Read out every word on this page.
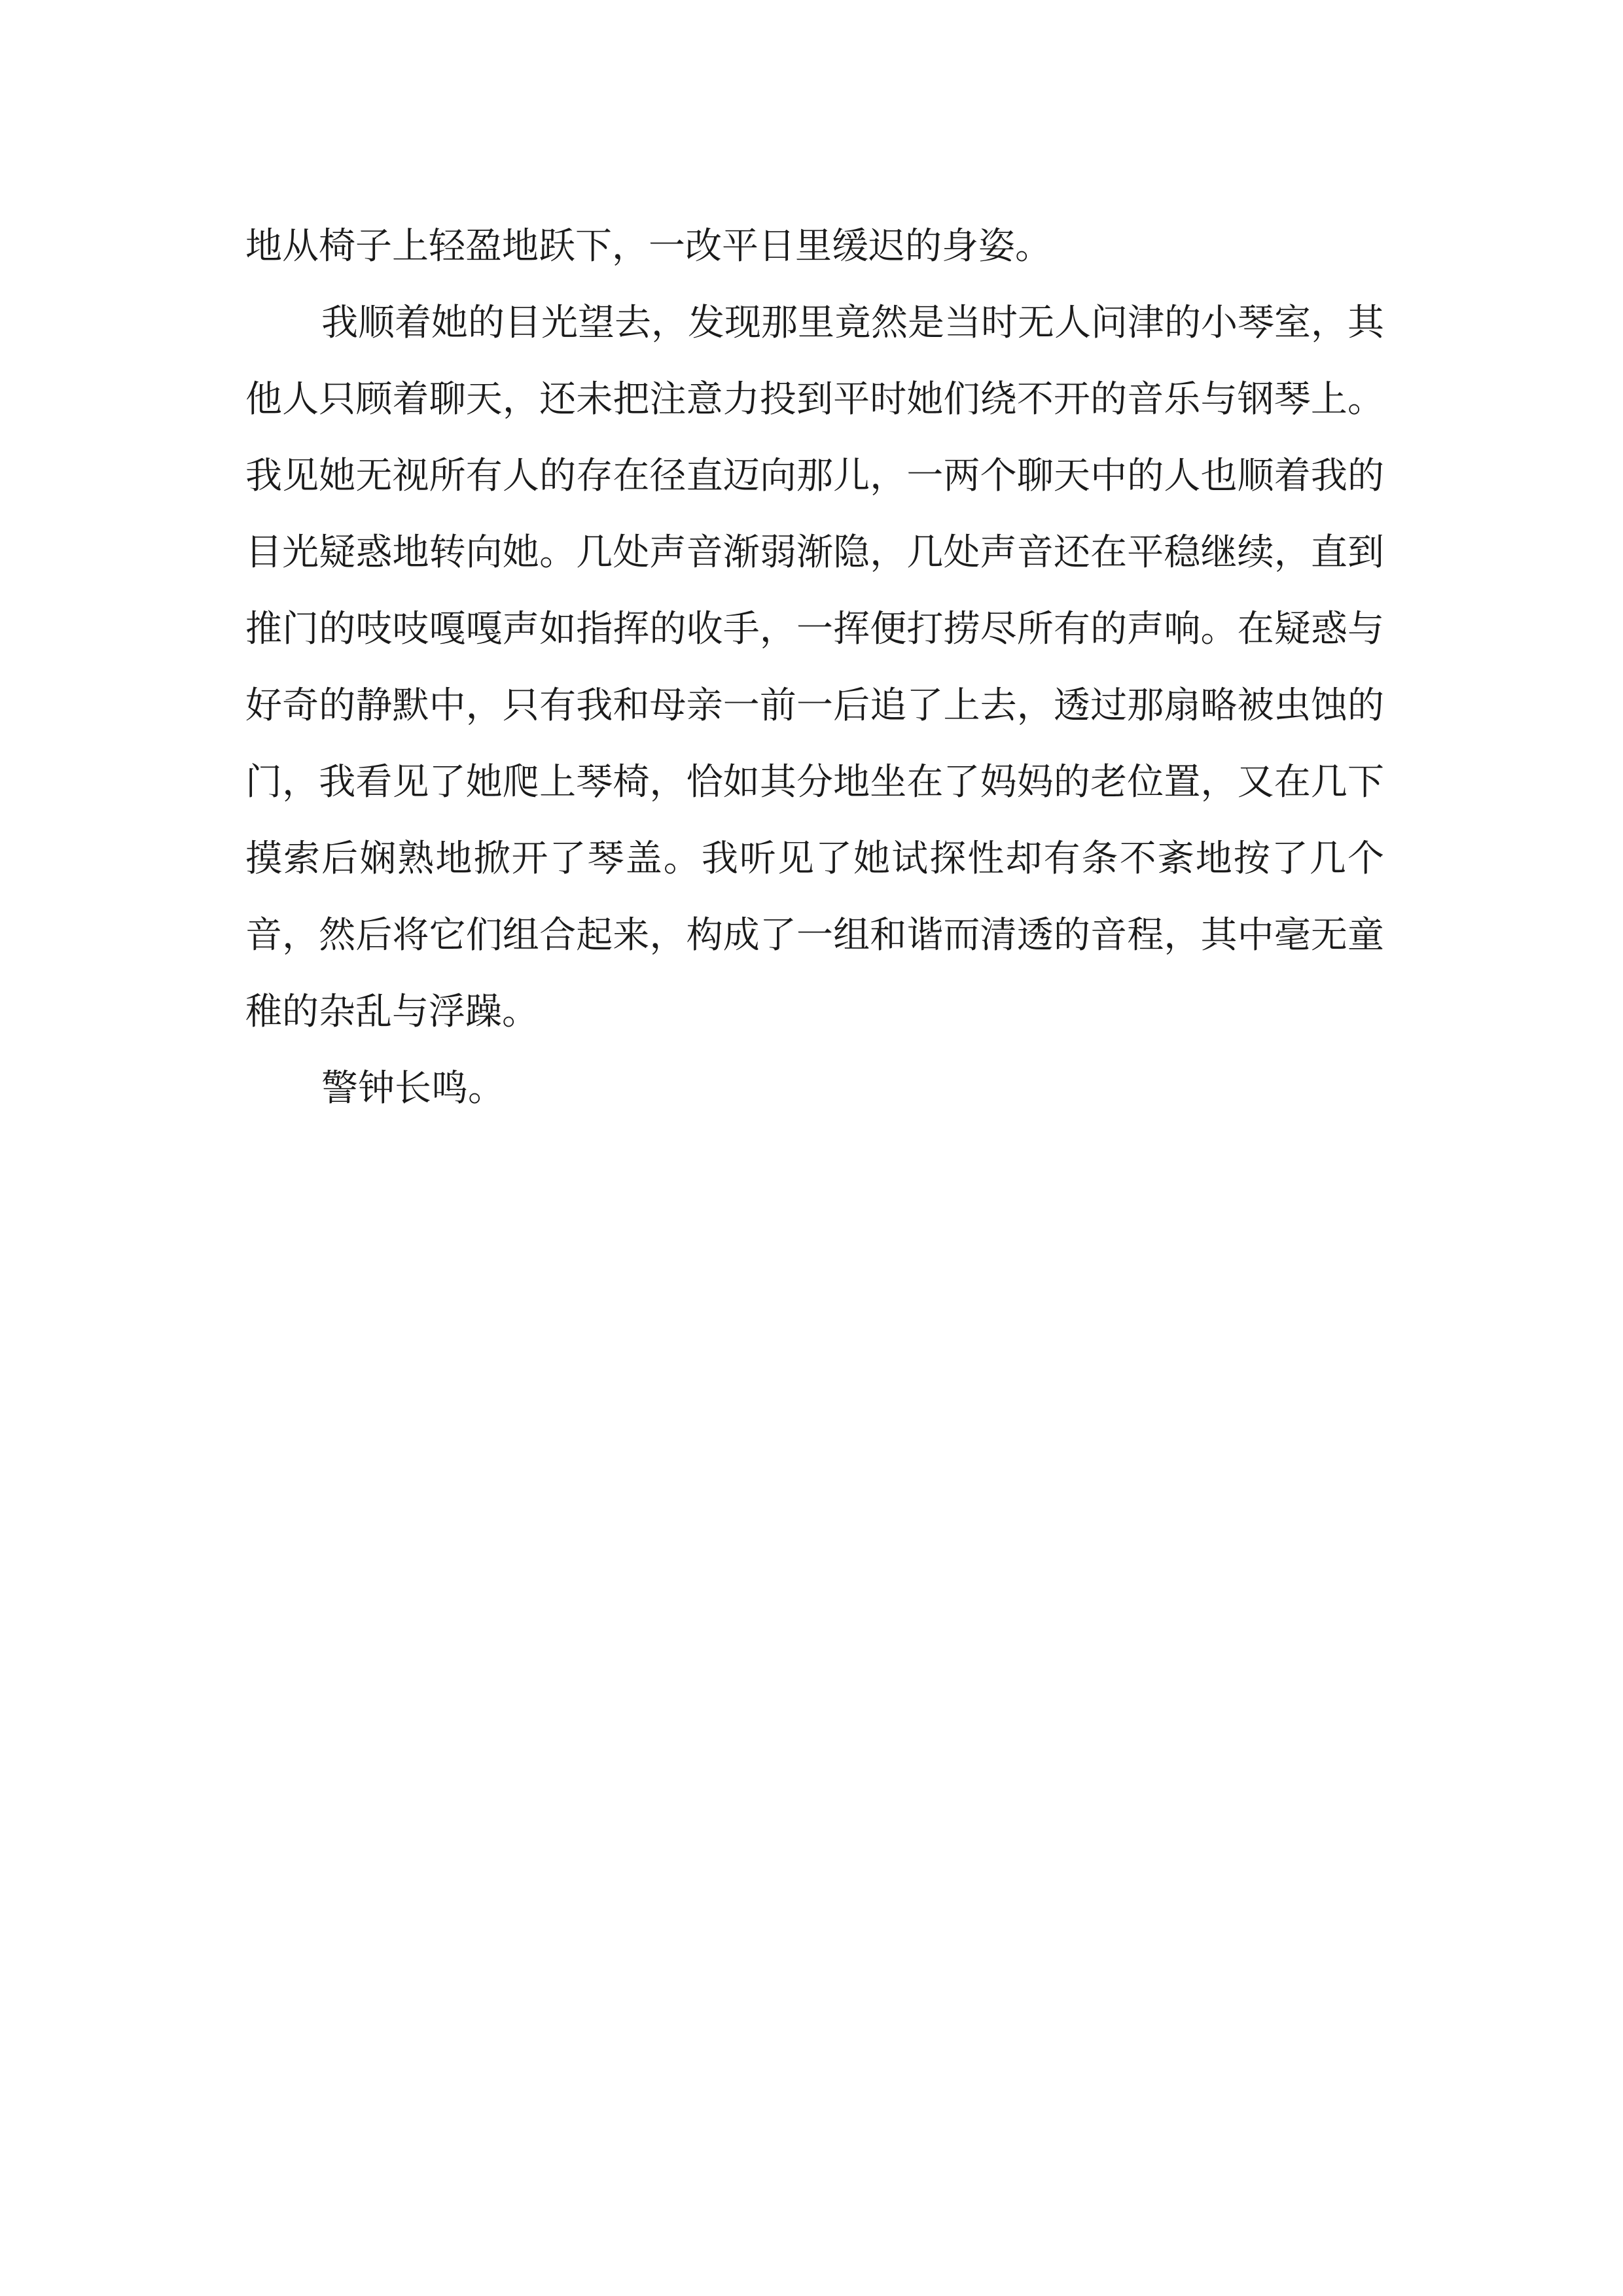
地从椅子上轻盈地跃下，一改平日里缓迟的身姿。

我顺着她的目光望去，发现那里竟然是当时无人问津的小琴室，其他人只顾着聊天，还未把注意力投到平时她们绕不开的音乐与钢琴上。我见她无视所有人的存在径直迈向那儿，一两个聊天中的人也顺着我的目光疑惑地转向她。几处声音渐弱渐隐，几处声音还在平稳继续，直到推门的吱吱嘎嘎声如指挥的收手，一挥便打捞尽所有的声响。在疑惑与好奇的静默中，只有我和母亲一前一后追了上去，透过那扇略被虫蚀的门，我看见了她爬上琴椅，恰如其分地坐在了妈妈的老位置，又在几下摸索后娴熟地掀开了琴盖。我听见了她试探性却有条不紊地按了几个音，然后将它们组合起来，构成了一组和谐而清透的音程，其中毫无童稚的杂乱与浮躁。

警钟长鸣。
